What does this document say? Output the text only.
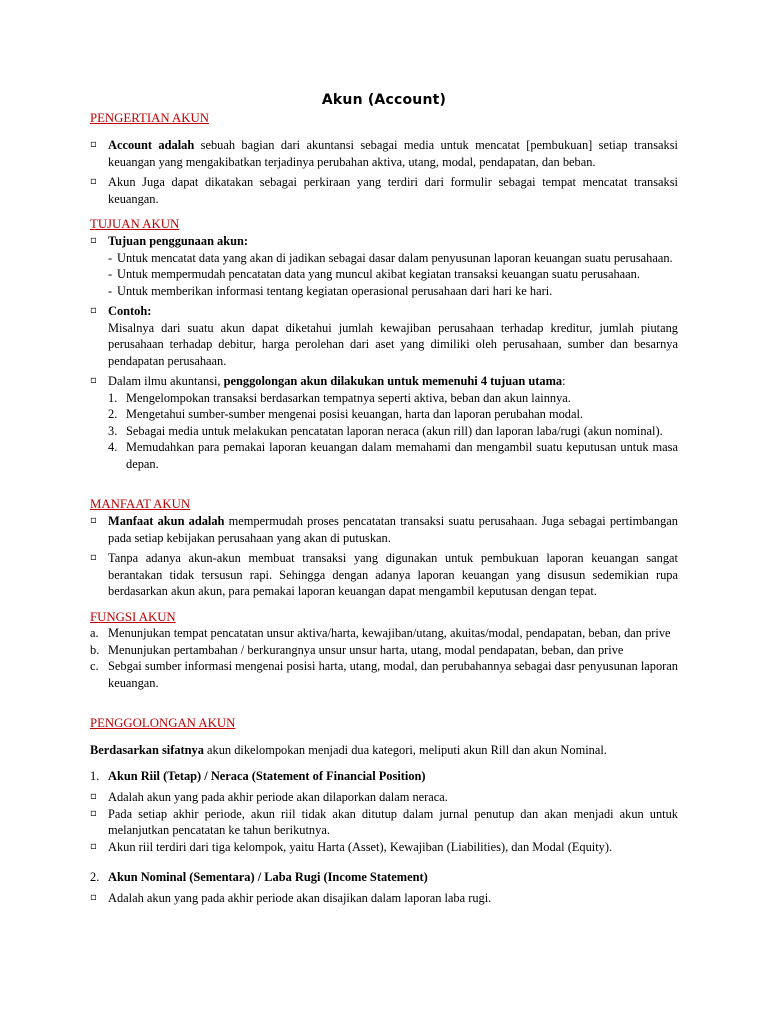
Akun (Account)
PENGERTIAN AKUN
▫ Account adalah sebuah bagian dari akuntansi sebagai media untuk mencatat [pembukuan] setiap transaksi keuangan yang mengakibatkan terjadinya perubahan aktiva, utang, modal, pendapatan, dan beban.
▫ Akun Juga dapat dikatakan sebagai perkiraan yang terdiri dari formulir sebagai tempat mencatat transaksi keuangan.
TUJUAN AKUN
▫ Tujuan penggunaan akun:
- Untuk mencatat data yang akan di jadikan sebagai dasar dalam penyusunan laporan keuangan suatu perusahaan.
- Untuk mempermudah pencatatan data yang muncul akibat kegiatan transaksi keuangan suatu perusahaan.
- Untuk memberikan informasi tentang kegiatan operasional perusahaan dari hari ke hari.
▫ Contoh:
Misalnya dari suatu akun dapat diketahui jumlah kewajiban perusahaan terhadap kreditur, jumlah piutang perusahaan terhadap debitur, harga perolehan dari aset yang dimiliki oleh perusahaan, sumber dan besarnya pendapatan perusahaan.
▫ Dalam ilmu akuntansi, penggolongan akun dilakukan untuk memenuhi 4 tujuan utama:
1. Mengelompokan transaksi berdasarkan tempatnya seperti aktiva, beban dan akun lainnya.
2. Mengetahui sumber-sumber mengenai posisi keuangan, harta dan laporan perubahan modal.
3. Sebagai media untuk melakukan pencatatan laporan neraca (akun rill) dan laporan laba/rugi (akun nominal).
4. Memudahkan para pemakai laporan keuangan dalam memahami dan mengambil suatu keputusan untuk masa depan.
MANFAAT AKUN
▫ Manfaat akun adalah mempermudah proses pencatatan transaksi suatu perusahaan. Juga sebagai pertimbangan pada setiap kebijakan perusahaan yang akan di putuskan.
▫ Tanpa adanya akun-akun membuat transaksi yang digunakan untuk pembukuan laporan keuangan sangat berantakan tidak tersusun rapi. Sehingga dengan adanya laporan keuangan yang disusun sedemikian rupa berdasarkan akun akun, para pemakai laporan keuangan dapat mengambil keputusan dengan tepat.
FUNGSI AKUN
a. Menunjukan tempat pencatatan unsur aktiva/harta, kewajiban/utang, akuitas/modal, pendapatan, beban, dan prive
b. Menunjukan pertambahan / berkurangnya unsur unsur harta, utang, modal pendapatan, beban, dan prive
c. Sebgai sumber informasi mengenai posisi harta, utang, modal, dan perubahannya sebagai dasr penyusunan laporan keuangan.
PENGGOLONGAN AKUN
Berdasarkan sifatnya akun dikelompokan menjadi dua kategori, meliputi akun Rill dan akun Nominal.
1. Akun Riil (Tetap) / Neraca (Statement of Financial Position)
▫ Adalah akun yang pada akhir periode akan dilaporkan dalam neraca.
▫ Pada setiap akhir periode, akun riil tidak akan ditutup dalam jurnal penutup dan akan menjadi akun untuk melanjutkan pencatatan ke tahun berikutnya.
▫ Akun riil terdiri dari tiga kelompok, yaitu Harta (Asset), Kewajiban (Liabilities), dan Modal (Equity).
2. Akun Nominal (Sementara) / Laba Rugi (Income Statement)
▫ Adalah akun yang pada akhir periode akan disajikan dalam laporan laba rugi.
